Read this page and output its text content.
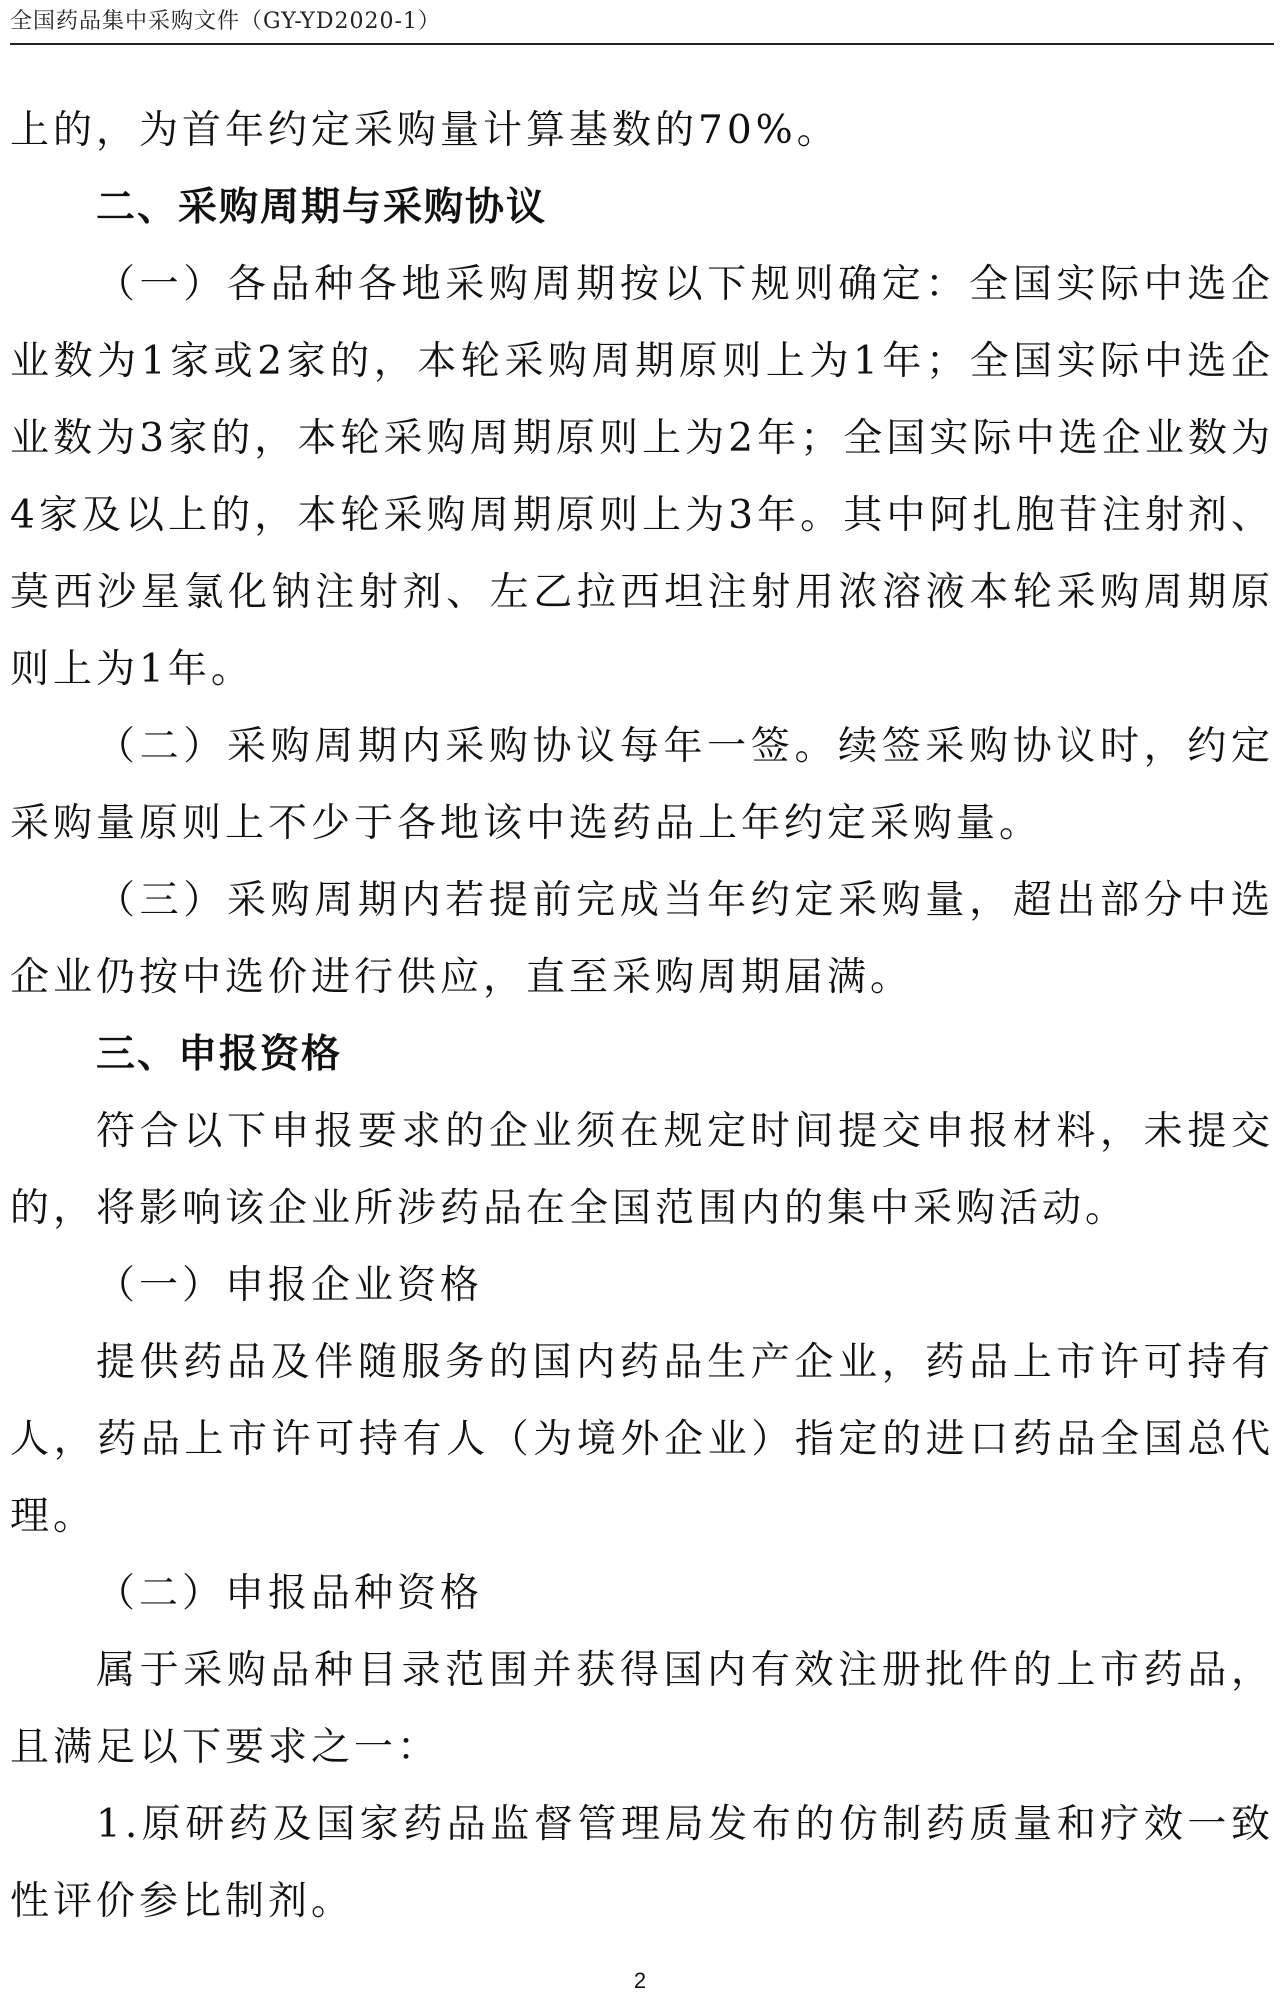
全国药品集中采购文件（GY-YD2020-1）

上的，为首年约定采购量计算基数的70%。

二、采购周期与采购协议

（一）各品种各地采购周期按以下规则确定：全国实际中选企业数为1家或2家的，本轮采购周期原则上为1年；全国实际中选企业数为3家的，本轮采购周期原则上为2年；全国实际中选企业数为4家及以上的，本轮采购周期原则上为3年。其中阿扎胞苷注射剂、莫西沙星氯化钠注射剂、左乙拉西坦注射用浓溶液本轮采购周期原则上为1年。

（二）采购周期内采购协议每年一签。续签采购协议时，约定采购量原则上不少于各地该中选药品上年约定采购量。

（三）采购周期内若提前完成当年约定采购量，超出部分中选企业仍按中选价进行供应，直至采购周期届满。

三、申报资格

符合以下申报要求的企业须在规定时间提交申报材料，未提交的，将影响该企业所涉药品在全国范围内的集中采购活动。

（一）申报企业资格

提供药品及伴随服务的国内药品生产企业，药品上市许可持有人，药品上市许可持有人（为境外企业）指定的进口药品全国总代理。

（二）申报品种资格

属于采购品种目录范围并获得国内有效注册批件的上市药品，且满足以下要求之一：

1.原研药及国家药品监督管理局发布的仿制药质量和疗效一致性评价参比制剂。

2
